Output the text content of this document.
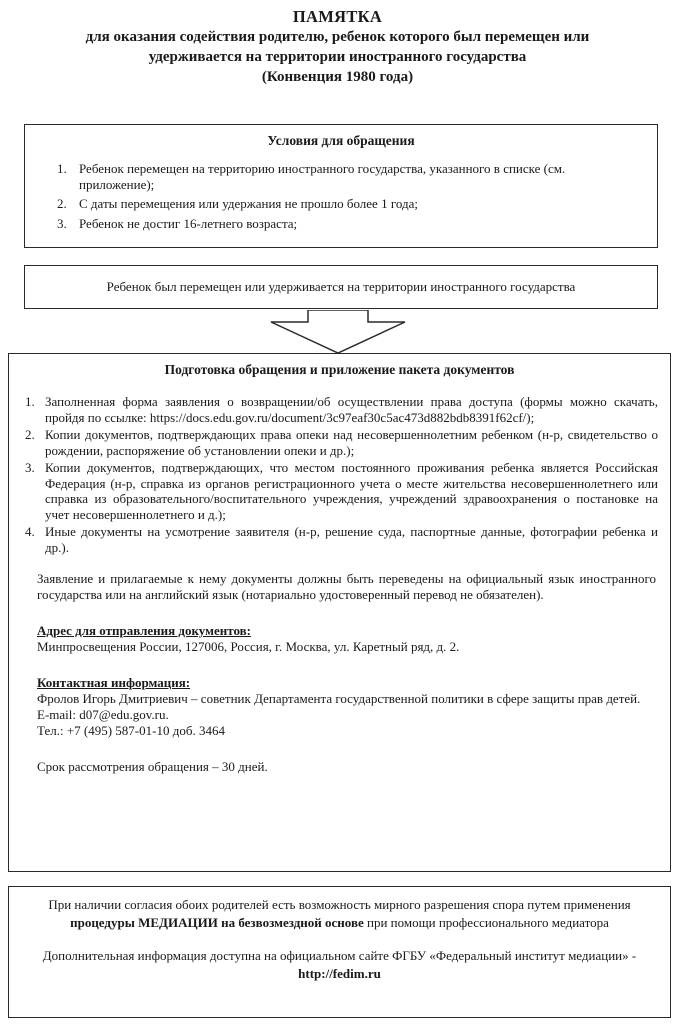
ПАМЯТКА
для оказания содействия родителю, ребенок которого был перемещен или
удерживается на территории иностранного государства
(Конвенция 1980 года)
Условия для обращения
1. Ребенок перемещен на территорию иностранного государства, указанного в списке (см. приложение);
2. С даты перемещения или удержания не прошло более 1 года;
3. Ребенок не достиг 16-летнего возраста;
Ребенок был перемещен или удерживается на территории иностранного государства
Подготовка обращения и приложение пакета документов
1. Заполненная форма заявления о возвращении/об осуществлении права доступа (формы можно скачать, пройдя по ссылке: https://docs.edu.gov.ru/document/3c97eaf30c5ac473d882bdb8391f62cf/);
2. Копии документов, подтверждающих права опеки над несовершеннолетним ребенком (н-р, свидетельство о рождении, распоряжение об установлении опеки и др.);
3. Копии документов, подтверждающих, что местом постоянного проживания ребенка является Российская Федерация (н-р, справка из органов регистрационного учета о месте жительства несовершеннолетнего или справка из образовательного/воспитательного учреждения, учреждений здравоохранения о постановке на учет несовершеннолетнего и д.);
4. Иные документы на усмотрение заявителя (н-р, решение суда, паспортные данные, фотографии ребенка и др.).
Заявление и прилагаемые к нему документы должны быть переведены на официальный язык иностранного государства или на английский язык (нотариально удостоверенный перевод не обязателен).
Адрес для отправления документов:
Минпросвещения России, 127006, Россия, г. Москва, ул. Каретный ряд, д. 2.
Контактная информация:
Фролов Игорь Дмитриевич – советник Департамента государственной политики в сфере защиты прав детей.
E-mail: d07@edu.gov.ru.
Тел.: +7 (495) 587-01-10 доб. 3464
Срок рассмотрения обращения – 30 дней.
При наличии согласия обоих родителей есть возможность мирного разрешения спора путем применения процедуры МЕДИАЦИИ на безвозмездной основе при помощи профессионального медиатора
Дополнительная информация доступна на официальном сайте ФГБУ «Федеральный институт медиации» - http://fedim.ru
